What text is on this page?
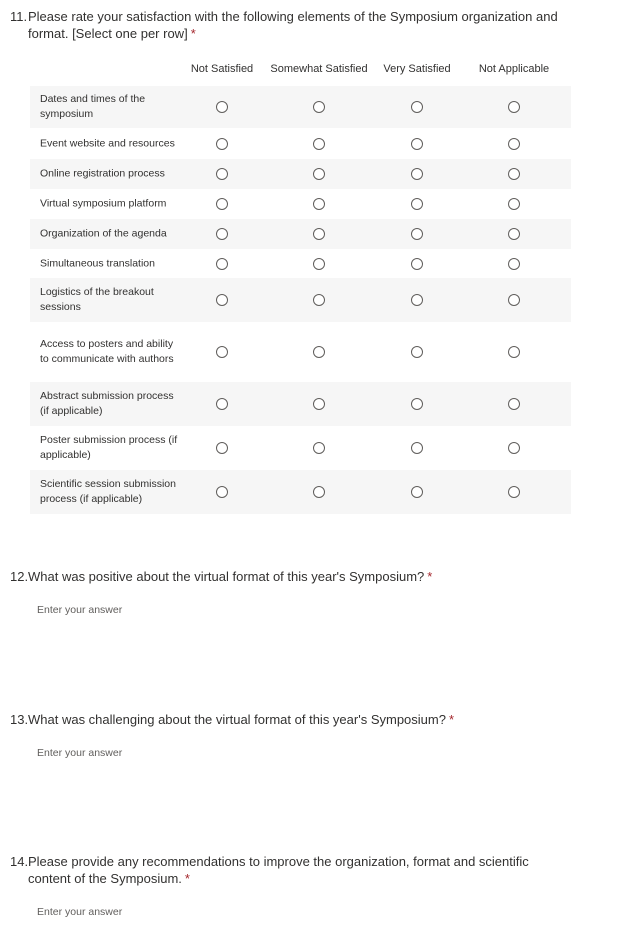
11. Please rate your satisfaction with the following elements of the Symposium organization and format. [Select one per row] *
Not Satisfied Somewhat Satisfied Very Satisfied	Not Applicable
Dates and times of the symposium
Event website and resources
Online registration process
Virtual symposium platform
Organization of the agenda
Simultaneous translation
Logistics of the breakout sessions
Access to posters and ability to communicate with authors
Abstract submission process (if applicable)
Poster submission process (if applicable)
Scientific session submission process (if applicable)
12. What was positive about the virtual format of this year's Symposium? *
Enter your answer
13. What was challenging about the virtual format of this year's Symposium? *
Enter your answer
14. Please provide any recommendations to improve the organization, format and scientific content of the Symposium. *
Enter your answer
